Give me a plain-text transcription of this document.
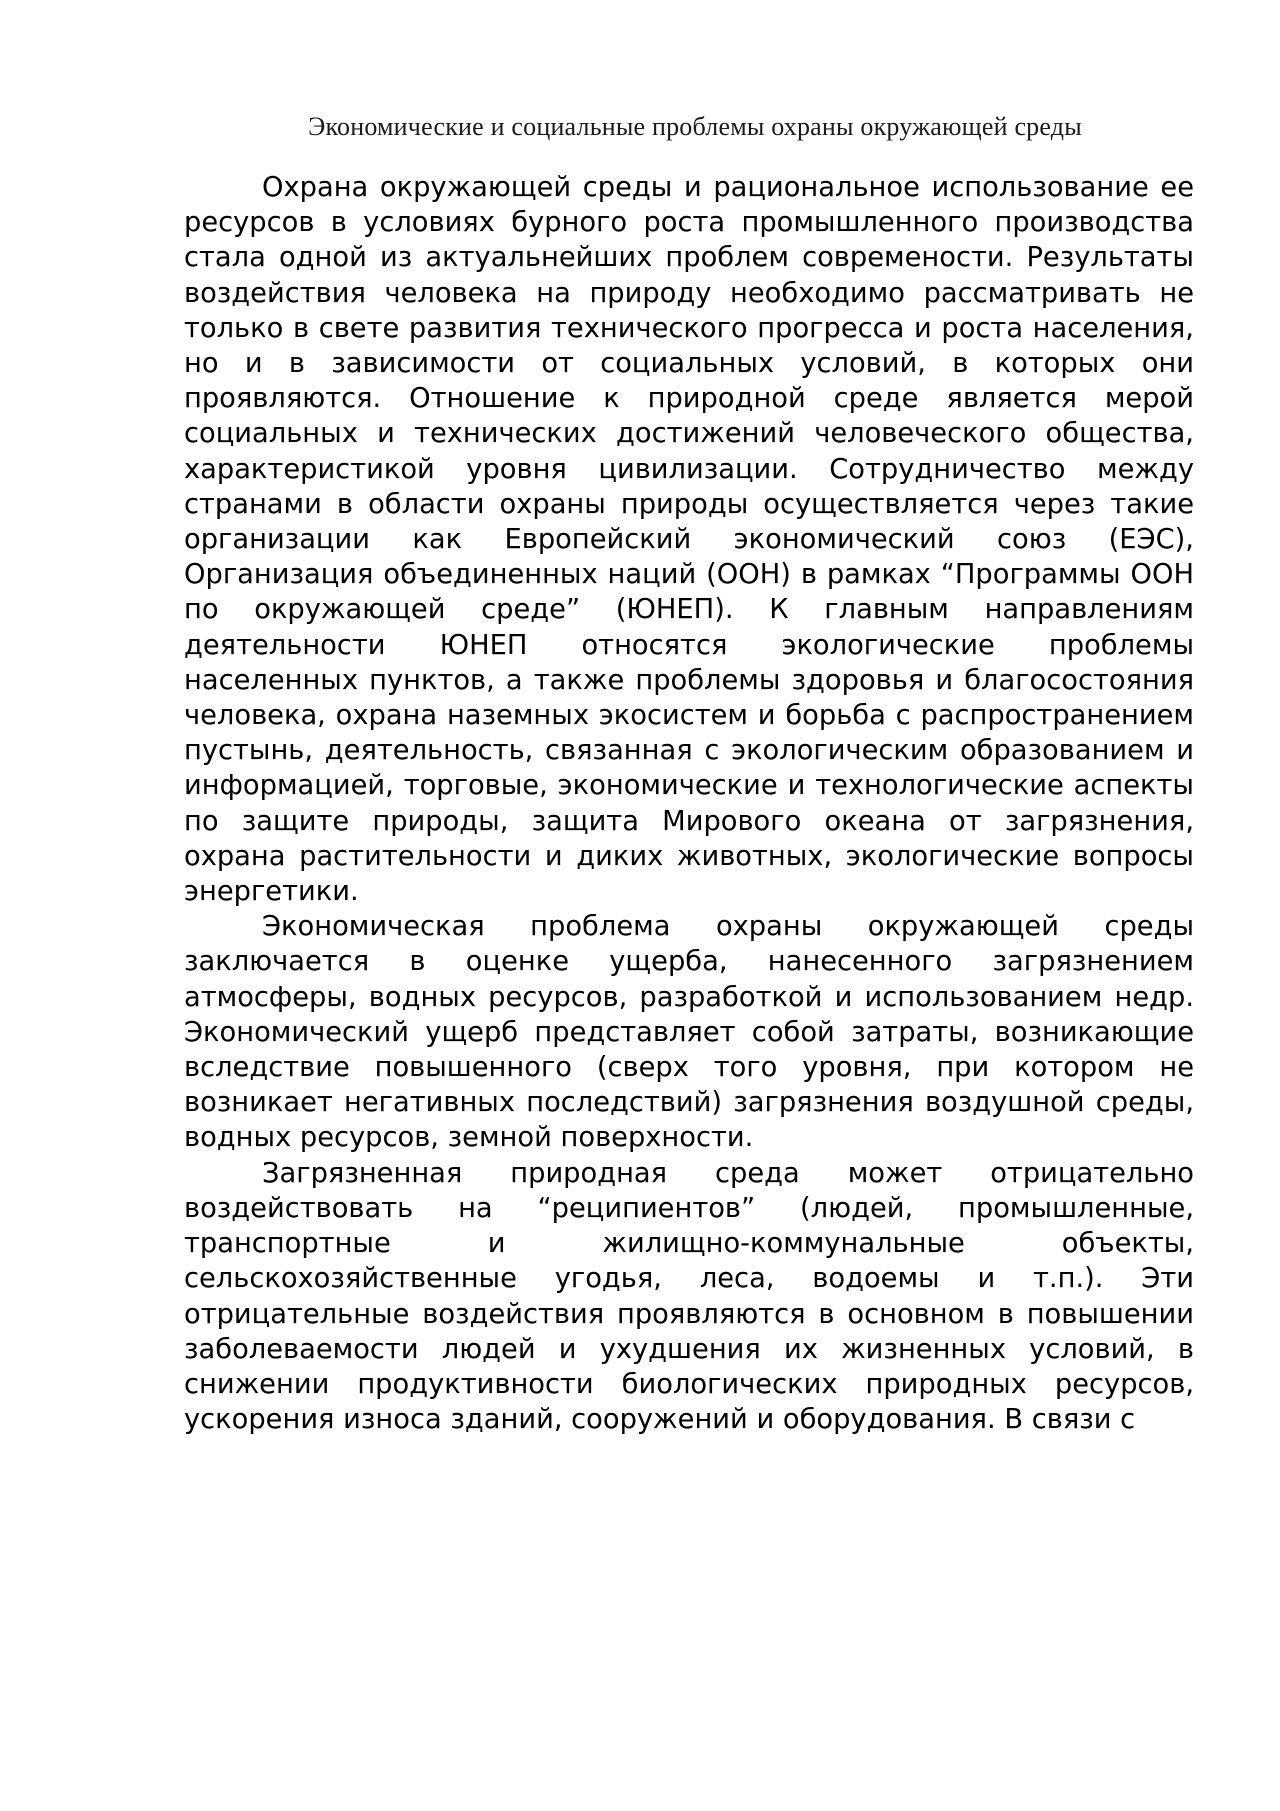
Экономические и социальные проблемы охраны окружающей среды

Охрана окружающей среды и рациональное использование ее ресурсов в условиях бурного роста промышленного производства стала одной из актуальнейших проблем современости. Результаты воздействия человека на природу необходимо рассматривать не только в свете развития технического прогресса и роста населения, но и в зависимости от социальных условий, в которых они проявляются. Отношение к природной среде является мерой социальных и технических достижений человеческого общества, характеристикой уровня цивилизации. Сотрудничество между странами в области охраны природы осуществляется через такие организации как Европейский экономический союз (ЕЭС), Организация объединенных наций (ООН) в рамках “Программы ООН по окружающей среде” (ЮНЕП). К главным направлениям деятельности ЮНЕП относятся экологические проблемы населенных пунктов, а также проблемы здоровья и благосостояния человека, охрана наземных экосистем и борьба с распространением пустынь, деятельность, связанная с экологическим образованием и информацией, торговые, экономические и технологические аспекты по защите природы, защита Мирового океана от загрязнения, охрана растительности и диких животных, экологические вопросы энергетики.

Экономическая проблема охраны окружающей среды заключается в оценке ущерба, нанесенного загрязнением атмосферы, водных ресурсов, разработкой и использованием недр. Экономический ущерб представляет собой затраты, возникающие вследствие повышенного (сверх того уровня, при котором не возникает негативных последствий) загрязнения воздушной среды, водных ресурсов, земной поверхности.

Загрязненная природная среда может отрицательно воздействовать на “реципиентов” (людей, промышленные, транспортные и жилищно-коммунальные объекты, сельскохозяйственные угодья, леса, водоемы и т.п.). Эти отрицательные воздействия проявляются в основном в повышении заболеваемости людей и ухудшения их жизненных условий, в снижении продуктивности биологических природных ресурсов, ускорения износа зданий, сооружений и оборудования. В связи с
